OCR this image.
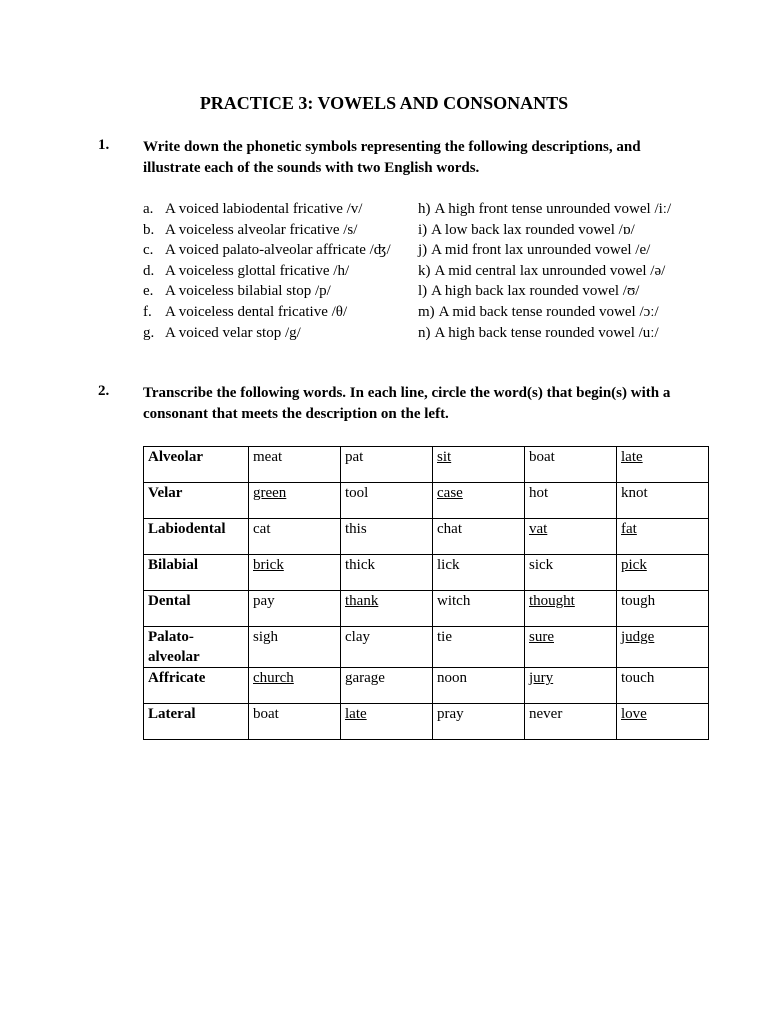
PRACTICE 3: VOWELS AND CONSONANTS
1. Write down the phonetic symbols representing the following descriptions, and illustrate each of the sounds with two English words.
a. A voiced labiodental fricative /v/
b. A voiceless alveolar fricative /s/
c. A voiced palato-alveolar affricate /ʤ/
d. A voiceless glottal fricative /h/
e. A voiceless bilabial stop /p/
f. A voiceless dental fricative /θ/
g. A voiced velar stop /g/
h) A high front tense unrounded vowel /iː/
i) A low back lax rounded vowel /ɒ/
j) A mid front lax unrounded vowel /e/
k) A mid central lax unrounded vowel /ə/
l) A high back lax rounded vowel /ʊ/
m) A mid back tense rounded vowel /ɔː/
n) A high back tense rounded vowel /uː/
2. Transcribe the following words. In each line, circle the word(s) that begin(s) with a consonant that meets the description on the left.
Alveolar	meat	pat	sit	boat	late
Velar	green	tool	case	hot	knot
Labiodental	cat	this	chat	vat	fat
Bilabial	brick	thick	lick	sick	pick
Dental	pay	thank	witch	thought	tough
Palato-alveolar	sigh	clay	tie	sure	judge
Affricate	church	garage	noon	jury	touch
Lateral	boat	late	pray	never	love
